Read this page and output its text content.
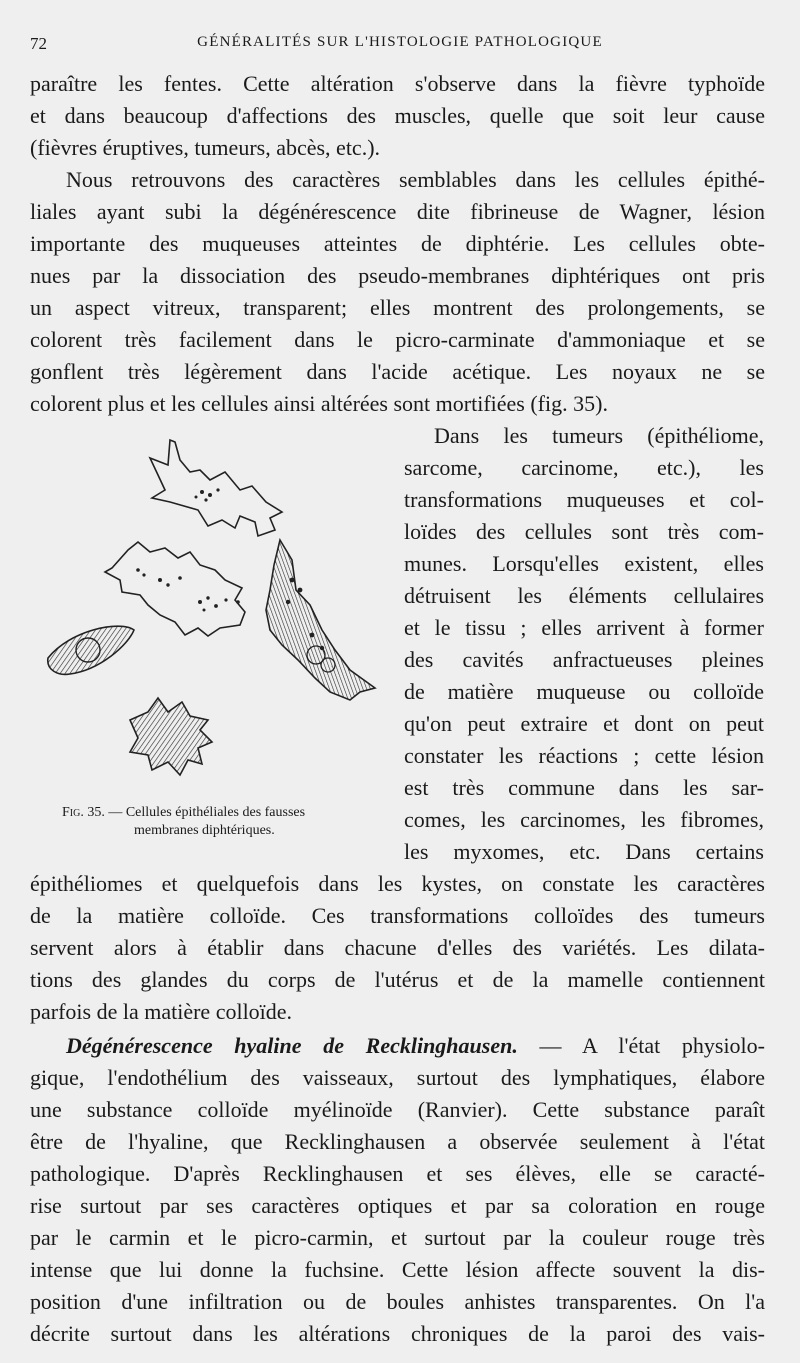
72	GÉNÉRALITÉS SUR L'HISTOLOGIE PATHOLOGIQUE
paraître les fentes. Cette altération s'observe dans la fièvre typhoïde
et dans beaucoup d'affections des muscles, quelle que soit leur cause
(fièvres éruptives, tumeurs, abcès, etc.).
Nous retrouvons des caractères semblables dans les cellules épithé-
liales ayant subi la dégénérescence dite fibrineuse de Wagner, lésion
importante des muqueuses atteintes de diphtérie. Les cellules obte-
nues par la dissociation des pseudo-membranes diphtériques ont pris
un aspect vitreux, transparent; elles montrent des prolongements, se
colorent très facilement dans le picro-carminate d'ammoniaque et se
gonflent très légèrement dans l'acide acétique. Les noyaux ne se
colorent plus et les cellules ainsi altérées sont mortifiées (fig. 35).
Dans les tumeurs (épithéliome,
sarcome, carcinome, etc.), les
transformations muqueuses et col-
loïdes des cellules sont très com-
munes. Lorsqu'elles existent, elles
détruisent les éléments cellulaires
et le tissu ; elles arrivent à former
des cavités anfractueuses pleines
de matière muqueuse ou colloïde
qu'on peut extraire et dont on peut
constater les réactions ; cette lésion
est très commune dans les sar-
comes, les carcinomes, les fibromes,
les myxomes, etc. Dans certains
épithéliomes et quelquefois dans les kystes, on constate les caractères
de la matière colloïde. Ces transformations colloïdes des tumeurs
servent alors à établir dans chacune d'elles des variétés. Les dilata-
tions des glandes du corps de l'utérus et de la mamelle contiennent
parfois de la matière colloïde.
Dégénérescence hyaline de Recklinghausen. — A l'état physiolo-
gique, l'endothélium des vaisseaux, surtout des lymphatiques, élabore
une substance colloïde myélinoïde (Ranvier). Cette substance paraît
être de l'hyaline, que Recklinghausen a observée seulement à l'état
pathologique. D'après Recklinghausen et ses élèves, elle se caracté-
rise surtout par ses caractères optiques et par sa coloration en rouge
par le carmin et le picro-carmin, et surtout par la couleur rouge très
intense que lui donne la fuchsine. Cette lésion affecte souvent la dis-
position d'une infiltration ou de boules anhistes transparentes. On l'a
décrite surtout dans les altérations chroniques de la paroi des vais-
Fig. 35. — Cellules épithéliales des fausses
membranes diphtériques.
